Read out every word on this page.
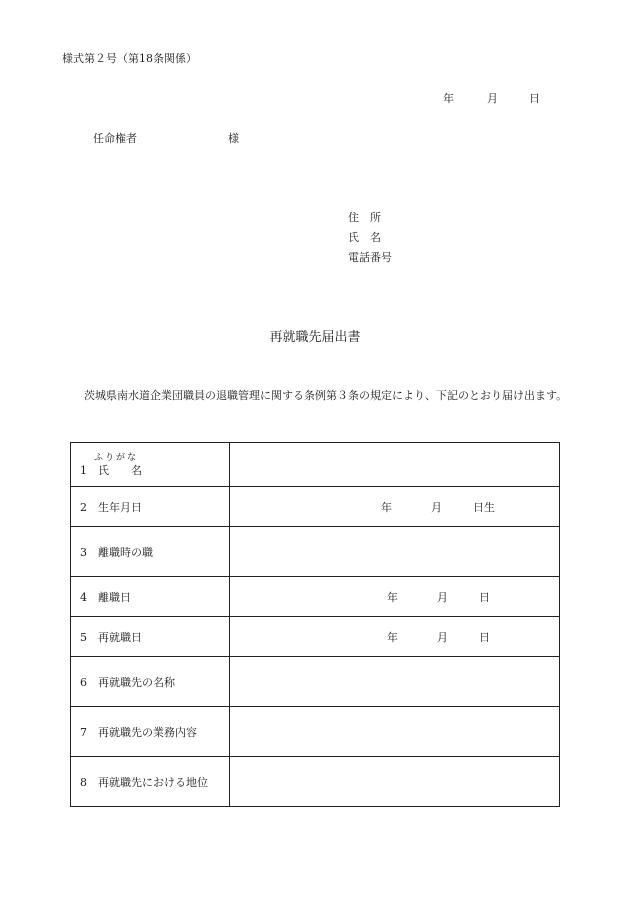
様式第２号（第18条関係）
年	月	日
任命権者	様
住 所
氏 名
電話番号
再就職先届出書
茨城県南水道企業団職員の退職管理に関する条例第３条の規定により、下記のとおり届け出ます。
ふりがな
1 氏　　名	

2 生年月日	年 月 日生

3 離職時の職	
4 離職日	年 月 日

5 再就職日	年 月 日

6 再就職先の名称	
7 再就職先の業務内容	
8 再就職先における地位	
